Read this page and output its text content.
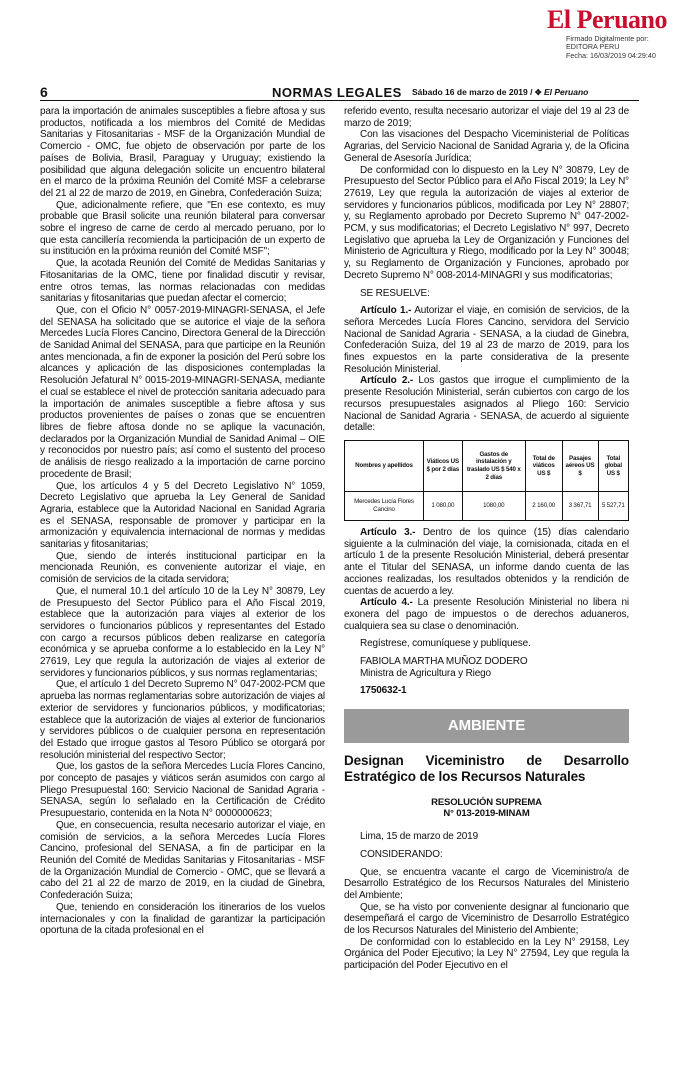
El Peruano
Firmado Digitalmente por:
EDITORA PERU
Fecha: 16/03/2019 04:29:40
6	NORMAS LEGALES Sábado 16 de marzo de 2019 / ✥ El Peruano

para la importación de animales susceptibles a fiebre aftosa y sus productos, notificada a los miembros del Comité de Medidas Sanitarias y Fitosanitarias - MSF de la Organización Mundial de Comercio - OMC, fue objeto de observación por parte de los países de Bolivia, Brasil, Paraguay y Uruguay; existiendo la posibilidad que alguna delegación solicite un encuentro bilateral en el marco de la próxima Reunión del Comité MSF a celebrarse del 21 al 22 de marzo de 2019, en Ginebra, Confederación Suiza;

Que, adicionalmente refiere, que "En ese contexto, es muy probable que Brasil solicite una reunión bilateral para conversar sobre el ingreso de carne de cerdo al mercado peruano, por lo que esta cancillería recomienda la participación de un experto de su institución en la próxima reunión del Comité MSF";

Que, la acotada Reunión del Comité de Medidas Sanitarias y Fitosanitarias de la OMC, tiene por finalidad discutir y revisar, entre otros temas, las normas relacionadas con medidas sanitarias y fitosanitarias que puedan afectar el comercio;

Que, con el Oficio N° 0057-2019-MINAGRI-SENASA, el Jefe del SENASA ha solicitado que se autorice el viaje de la señora Mercedes Lucía Flores Cancino, Directora General de la Dirección de Sanidad Animal del SENASA, para que participe en la Reunión antes mencionada, a fin de exponer la posición del Perú sobre los alcances y aplicación de las disposiciones contempladas la Resolución Jefatural N° 0015-2019-MINAGRI-SENASA, mediante el cual se establece el nivel de protección sanitaria adecuado para la importación de animales susceptible a fiebre aftosa y sus productos provenientes de países o zonas que se encuentren libres de fiebre aftosa donde no se aplique la vacunación, declarados por la Organización Mundial de Sanidad Animal – OIE y reconocidos por nuestro país; así como el sustento del proceso de análisis de riesgo realizado a la importación de carne porcino procedente de Brasil;

Que, los artículos 4 y 5 del Decreto Legislativo N° 1059, Decreto Legislativo que aprueba la Ley General de Sanidad Agraria, establece que la Autoridad Nacional en Sanidad Agraria es el SENASA, responsable de promover y participar en la armonización y equivalencia internacional de normas y medidas sanitarias y fitosanitarias;

Que, siendo de interés institucional participar en la mencionada Reunión, es conveniente autorizar el viaje, en comisión de servicios de la citada servidora;

Que, el numeral 10.1 del artículo 10 de la Ley N° 30879, Ley de Presupuesto del Sector Público para el Año Fiscal 2019, establece que la autorización para viajes al exterior de los servidores o funcionarios públicos y representantes del Estado con cargo a recursos públicos deben realizarse en categoría económica y se aprueba conforme a lo establecido en la Ley N° 27619, Ley que regula la autorización de viajes al exterior de servidores y funcionarios públicos, y sus normas reglamentarias;

Que, el artículo 1 del Decreto Supremo N° 047-2002-PCM que aprueba las normas reglamentarias sobre autorización de viajes al exterior de servidores y funcionarios públicos, y modificatorias; establece que la autorización de viajes al exterior de funcionarios y servidores públicos o de cualquier persona en representación del Estado que irrogue gastos al Tesoro Público se otorgará por resolución ministerial del respectivo Sector;

Que, los gastos de la señora Mercedes Lucía Flores Cancino, por concepto de pasajes y viáticos serán asumidos con cargo al Pliego Presupuestal 160: Servicio Nacional de Sanidad Agraria - SENASA, según lo señalado en la Certificación de Crédito Presupuestario, contenida en la Nota N° 0000000623;

Que, en consecuencia, resulta necesario autorizar el viaje, en comisión de servicios, a la señora Mercedes Lucía Flores Cancino, profesional del SENASA, a fin de participar en la Reunión del Comité de Medidas Sanitarias y Fitosanitarias - MSF de la Organización Mundial de Comercio - OMC, que se llevará a cabo del 21 al 22 de marzo de 2019, en la ciudad de Ginebra, Confederación Suiza;

Que, teniendo en consideración los itinerarios de los vuelos internacionales y con la finalidad de garantizar la participación oportuna de la citada profesional en el

referido evento, resulta necesario autorizar el viaje del 19 al 23 de marzo de 2019;

Con las visaciones del Despacho Viceministerial de Políticas Agrarias, del Servicio Nacional de Sanidad Agraria y, de la Oficina General de Asesoría Jurídica;

De conformidad con lo dispuesto en la Ley N° 30879, Ley de Presupuesto del Sector Público para el Año Fiscal 2019; la Ley N° 27619, Ley que regula la autorización de viajes al exterior de servidores y funcionarios públicos, modificada por Ley N° 28807; y, su Reglamento aprobado por Decreto Supremo N° 047-2002-PCM, y sus modificatorias; el Decreto Legislativo N° 997, Decreto Legislativo que aprueba la Ley de Organización y Funciones del Ministerio de Agricultura y Riego, modificado por la Ley N° 30048; y, su Reglamento de Organización y Funciones, aprobado por Decreto Supremo N° 008-2014-MINAGRI y sus modificatorias;

SE RESUELVE:

Artículo 1.- Autorizar el viaje, en comisión de servicios, de la señora Mercedes Lucía Flores Cancino, servidora del Servicio Nacional de Sanidad Agraria - SENASA, a la ciudad de Ginebra, Confederación Suiza, del 19 al 23 de marzo de 2019, para los fines expuestos en la parte considerativa de la presente Resolución Ministerial.

Artículo 2.- Los gastos que irrogue el cumplimiento de la presente Resolución Ministerial, serán cubiertos con cargo de los recursos presupuestales asignados al Pliego 160: Servicio Nacional de Sanidad Agraria - SENASA, de acuerdo al siguiente detalle:

Nombres y apellidos	Viáticos US $ por 2 días	Gastos de instalación y traslado US $ 540 x 2 días	Total de viáticos US $	Pasajes aéreos US $	Total global US $
Mercedes Lucía Flores Cancino	1 080,00	1080,00	2 160,00	3 367,71	5 527,71

Artículo 3.- Dentro de los quince (15) días calendario siguiente a la culminación del viaje, la comisionada, citada en el artículo 1 de la presente Resolución Ministerial, deberá presentar ante el Titular del SENASA, un informe dando cuenta de las acciones realizadas, los resultados obtenidos y la rendición de cuentas de acuerdo a ley.

Artículo 4.- La presente Resolución Ministerial no libera ni exonera del pago de impuestos o de derechos aduaneros, cualquiera sea su clase o denominación.

Regístrese, comuníquese y publíquese.

FABIOLA MARTHA MUÑOZ DODERO

Ministra de Agricultura y Riego

1750632-1

AMBIENTE
Designan Viceministro de Desarrollo Estratégico de los Recursos Naturales
RESOLUCIÓN SUPREMA
N° 013-2019-MINAM

Lima, 15 de marzo de 2019

CONSIDERANDO:

Que, se encuentra vacante el cargo de Viceministro/a de Desarrollo Estratégico de los Recursos Naturales del Ministerio del Ambiente;

Que, se ha visto por conveniente designar al funcionario que desempeñará el cargo de Viceministro de Desarrollo Estratégico de los Recursos Naturales del Ministerio del Ambiente;

De conformidad con lo establecido en la Ley N° 29158, Ley Orgánica del Poder Ejecutivo; la Ley N° 27594, Ley que regula la participación del Poder Ejecutivo en el
